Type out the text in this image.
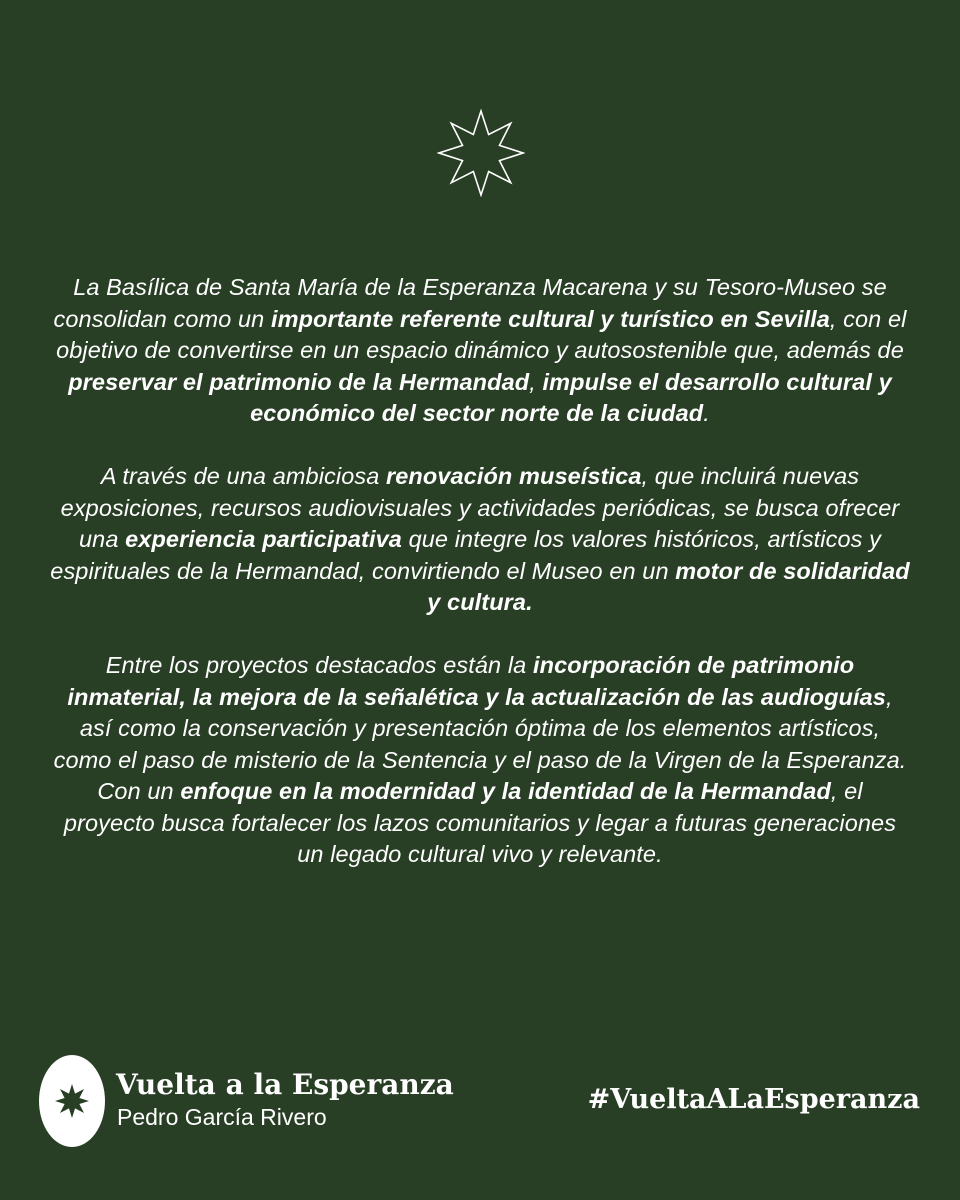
La Basílica de Santa María de la Esperanza Macarena y su Tesoro-Museo se consolidan como un importante referente cultural y turístico en Sevilla, con el objetivo de convertirse en un espacio dinámico y autosostenible que, además de preservar el patrimonio de la Hermandad, impulse el desarrollo cultural y económico del sector norte de la ciudad.

A través de una ambiciosa renovación museística, que incluirá nuevas exposiciones, recursos audiovisuales y actividades periódicas, se busca ofrecer una experiencia participativa que integre los valores históricos, artísticos y espirituales de la Hermandad, convirtiendo el Museo en un motor de solidaridad y cultura.

Entre los proyectos destacados están la incorporación de patrimonio inmaterial, la mejora de la señalética y la actualización de las audioguías, así como la conservación y presentación óptima de los elementos artísticos, como el paso de misterio de la Sentencia y el paso de la Virgen de la Esperanza. Con un enfoque en la modernidad y la identidad de la Hermandad, el proyecto busca fortalecer los lazos comunitarios y legar a futuras generaciones un legado cultural vivo y relevante.

Vuelta a la Esperanza
Pedro García Rivero
#VueltaALaEsperanza
